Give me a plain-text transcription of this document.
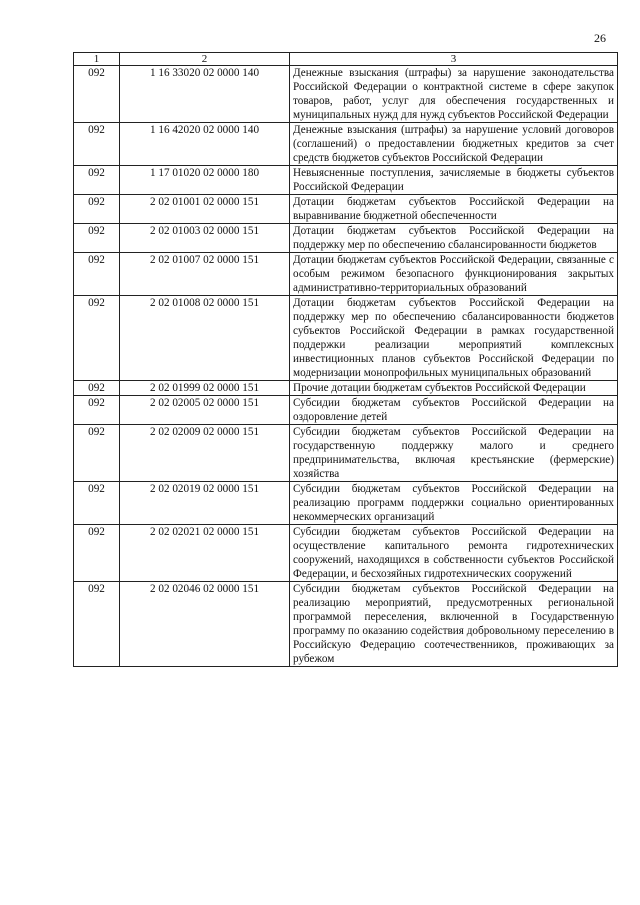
26
1	2	3
092	1 16 33020 02 0000 140	Денежные взыскания (штрафы) за нарушение законодательства Российской Федерации о контрактной системе в сфере закупок товаров, работ, услуг для обеспечения государственных и муниципальных нужд для нужд субъектов Российской Федерации
092	1 16 42020 02 0000 140	Денежные взыскания (штрафы) за нарушение условий договоров (соглашений) о предоставлении бюджетных кредитов за счет средств бюджетов субъектов Российской Федерации
092	1 17 01020 02 0000 180	Невыясненные поступления, зачисляемые в бюджеты субъектов Российской Федерации
092	2 02 01001 02 0000 151	Дотации бюджетам субъектов Российской Федерации на выравнивание бюджетной обеспеченности
092	2 02 01003 02 0000 151	Дотации бюджетам субъектов Российской Федерации на поддержку мер по обеспечению сбалансированности бюджетов
092	2 02 01007 02 0000 151	Дотации бюджетам субъектов Российской Федерации, связанные с особым режимом безопасного функционирования закрытых административно-территориальных образований
092	2 02 01008 02 0000 151	Дотации бюджетам субъектов Российской Федерации на поддержку мер по обеспечению сбалансированности бюджетов субъектов Российской Федерации в рамках государственной поддержки реализации мероприятий комплексных инвестиционных планов субъектов Российской Федерации по модернизации монопрофильных муниципальных образований
092	2 02 01999 02 0000 151	Прочие дотации бюджетам субъектов Российской Федерации
092	2 02 02005 02 0000 151	Субсидии бюджетам субъектов Российской Федерации на оздоровление детей
092	2 02 02009 02 0000 151	Субсидии бюджетам субъектов Российской Федерации на государственную поддержку малого и среднего предпринимательства, включая крестьянские (фермерские) хозяйства
092	2 02 02019 02 0000 151	Субсидии бюджетам субъектов Российской Федерации на реализацию программ поддержки социально ориентированных некоммерческих организаций
092	2 02 02021 02 0000 151	Субсидии бюджетам субъектов Российской Федерации на осуществление капитального ремонта гидротехнических сооружений, находящихся в собственности субъектов Российской Федерации, и бесхозяйных гидротехнических сооружений
092	2 02 02046 02 0000 151	Субсидии бюджетам субъектов Российской Федерации на реализацию мероприятий, предусмотренных региональной программой переселения, включенной в Государственную программу по оказанию содействия добровольному переселению в Российскую Федерацию соотечественников, проживающих за рубежом
